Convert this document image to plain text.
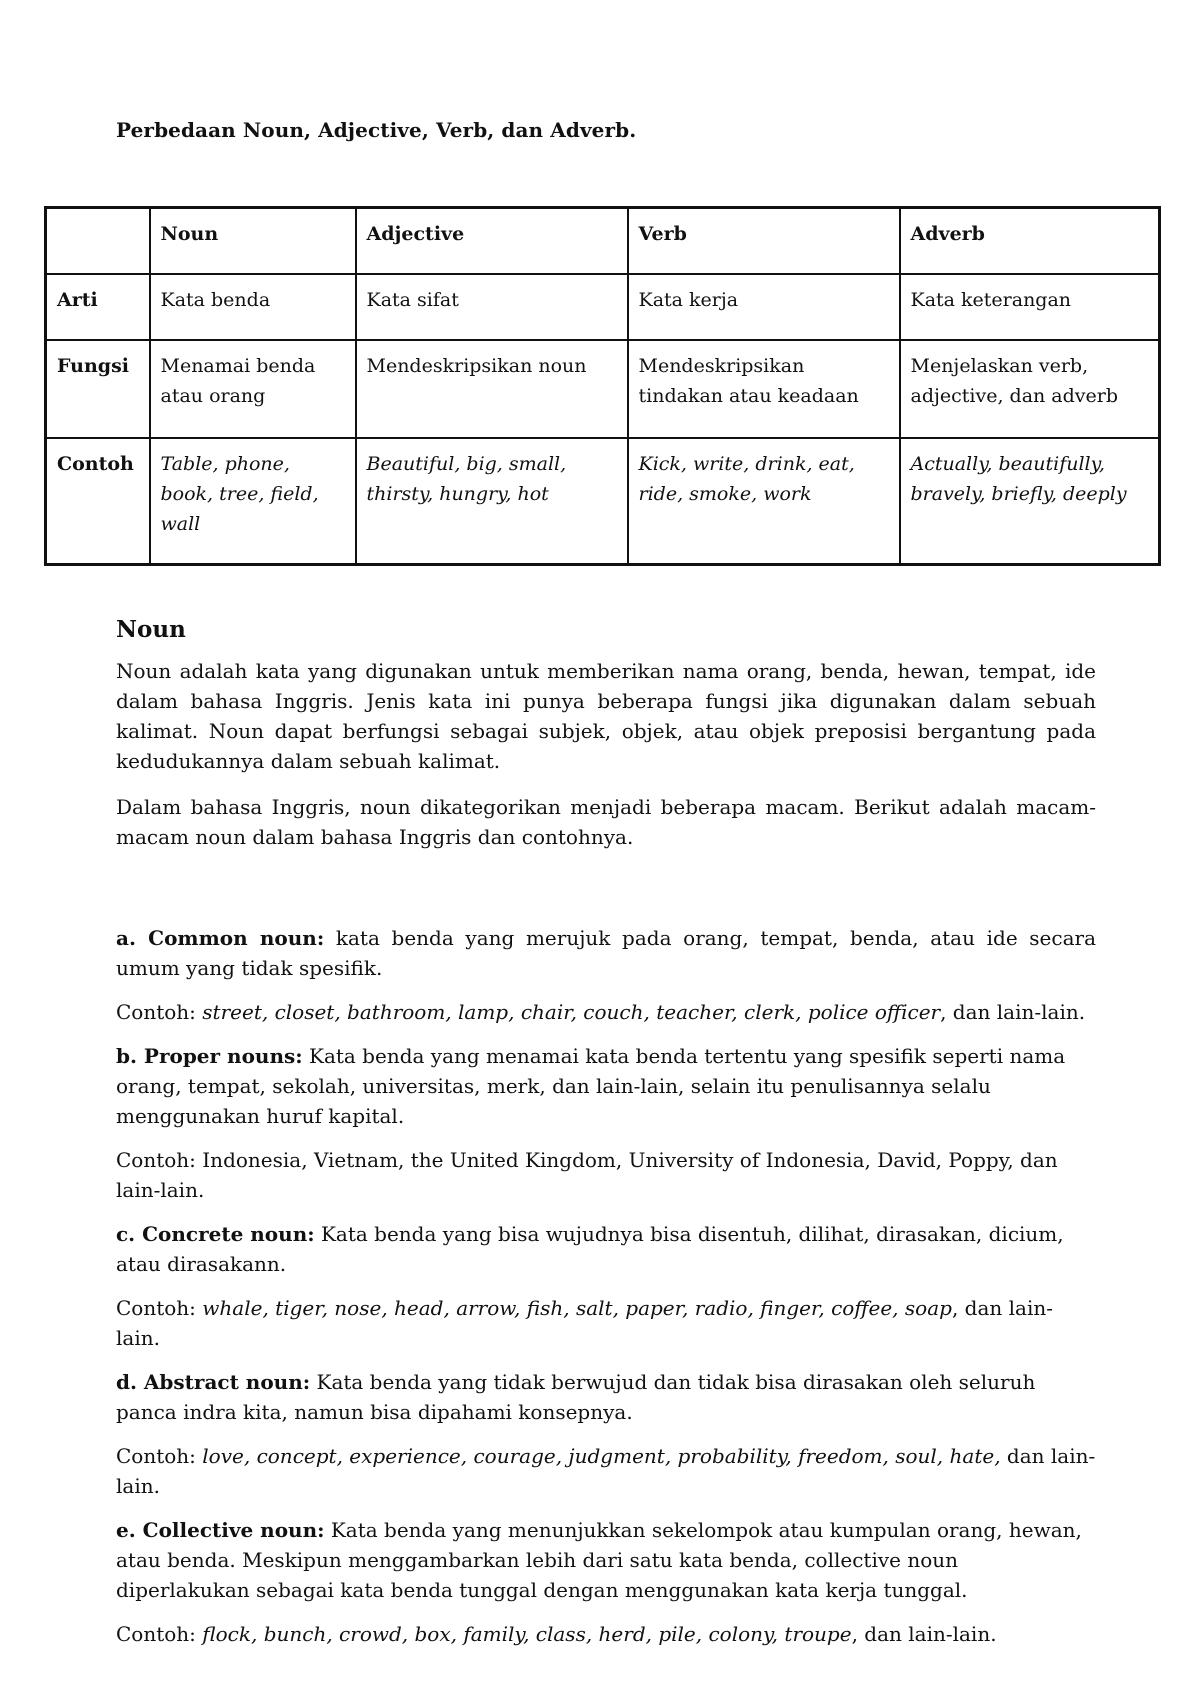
Perbedaan Noun, Adjective, Verb, dan Adverb.
	Noun	Adjective	Verb	Adverb
Arti	Kata benda	Kata sifat	Kata kerja	Kata keterangan
Fungsi	Menamai benda atau orang	Mendeskripsikan noun	Mendeskripsikan tindakan atau keadaan	Menjelaskan verb, adjective, dan adverb
Contoh	Table, phone, book, tree, field, wall	Beautiful, big, small, thirsty, hungry, hot	Kick, write, drink, eat, ride, smoke, work	Actually, beautifully, bravely, briefly, deeply
Noun

Noun adalah kata yang digunakan untuk memberikan nama orang, benda, hewan, tempat, ide dalam bahasa Inggris. Jenis kata ini punya beberapa fungsi jika digunakan dalam sebuah kalimat. Noun dapat berfungsi sebagai subjek, objek, atau objek preposisi bergantung pada kedudukannya dalam sebuah kalimat.

Dalam bahasa Inggris, noun dikategorikan menjadi beberapa macam. Berikut adalah macam-macam noun dalam bahasa Inggris dan contohnya.

a. Common noun: kata benda yang merujuk pada orang, tempat, benda, atau ide secara umum yang tidak spesifik.

Contoh: street, closet, bathroom, lamp, chair, couch, teacher, clerk, police officer, dan lain-lain.

b. Proper nouns: Kata benda yang menamai kata benda tertentu yang spesifik seperti nama orang, tempat, sekolah, universitas, merk, dan lain-lain, selain itu penulisannya selalu menggunakan huruf kapital.

Contoh: Indonesia, Vietnam, the United Kingdom, University of Indonesia, David, Poppy, dan lain-lain.

c. Concrete noun: Kata benda yang bisa wujudnya bisa disentuh, dilihat, dirasakan, dicium, atau dirasakann.

Contoh: whale, tiger, nose, head, arrow, fish, salt, paper, radio, finger, coffee, soap, dan lain-lain.

d. Abstract noun: Kata benda yang tidak berwujud dan tidak bisa dirasakan oleh seluruh panca indra kita, namun bisa dipahami konsepnya.

Contoh: love, concept, experience, courage, judgment, probability, freedom, soul, hate, dan lain-lain.

e. Collective noun: Kata benda yang menunjukkan sekelompok atau kumpulan orang, hewan, atau benda. Meskipun menggambarkan lebih dari satu kata benda, collective noun diperlakukan sebagai kata benda tunggal dengan menggunakan kata kerja tunggal.

Contoh: flock, bunch, crowd, box, family, class, herd, pile, colony, troupe, dan lain-lain.
